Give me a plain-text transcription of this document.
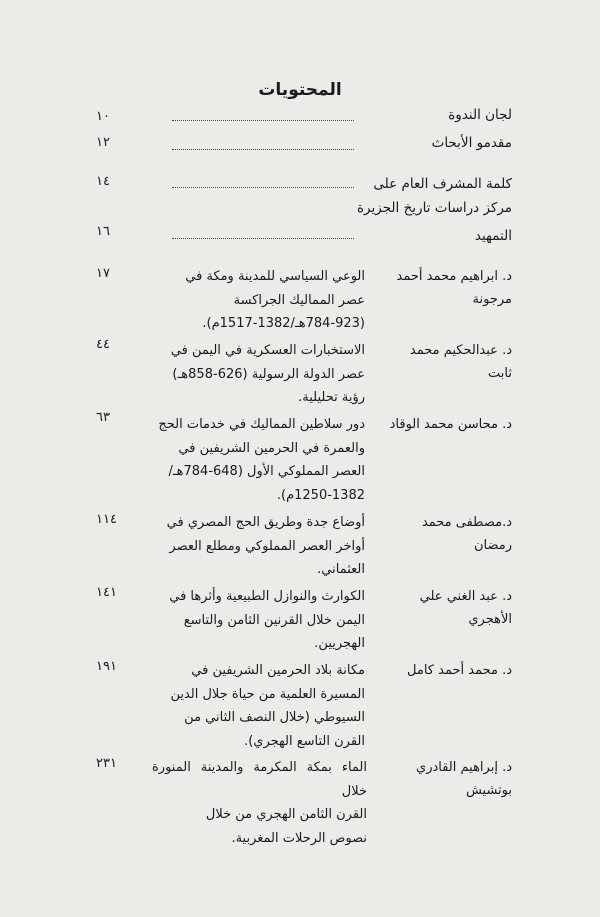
المحتويات
لجان الندوة
١٠
مقدمو الأبحاث
١٢
كلمة المشرف العام على
مركز دراسات تاريخ الجزيرة
١٤
التمهيد
١٦
د. ابراهيم محمد أحمد مرجونة
الوعي السياسي للمدينة ومكة في
عصر المماليك الجراكسة
(784-923هـ/1382-1517م).
١٧
د. عبدالحكيم محمد ثابت
الاستخبارات العسكرية في اليمن في
عصر الدولة الرسولية (626-858هـ)
رؤية تحليلية.
٤٤
د. محاسن محمد الوقاد
دور سلاطين المماليك في خدمات الحج
والعمرة في الحرمين الشريفين في
العصر المملوكي الأول (648-784هـ/
1250-1382م).
٦٣
د.مصطفى محمد رمضان
أوضاع جدة وطريق الحج المصري في
أواخر العصر المملوكي ومطلع العصر
العثماني.
١١٤
د. عبد الغني علي الأهجري
الكوارث والنوازل الطبيعية وأثرها في
اليمن خلال القرنين الثامن والتاسع
الهجريين.
١٤١
د. محمد أحمد كامل
مكانة بلاد الحرمين الشريفين في
المسيرة العلمية من حياة جلال الدين
السيوطي (خلال النصف الثاني من
القرن التاسع الهجري).
١٩١
د. إبراهيم القادري بوتشيش
الماء بمكة المكرمة والمدينة المنورة خلال
القرن الثامن الهجري من خلال
نصوص الرحلات المغربية.
٢٣١
